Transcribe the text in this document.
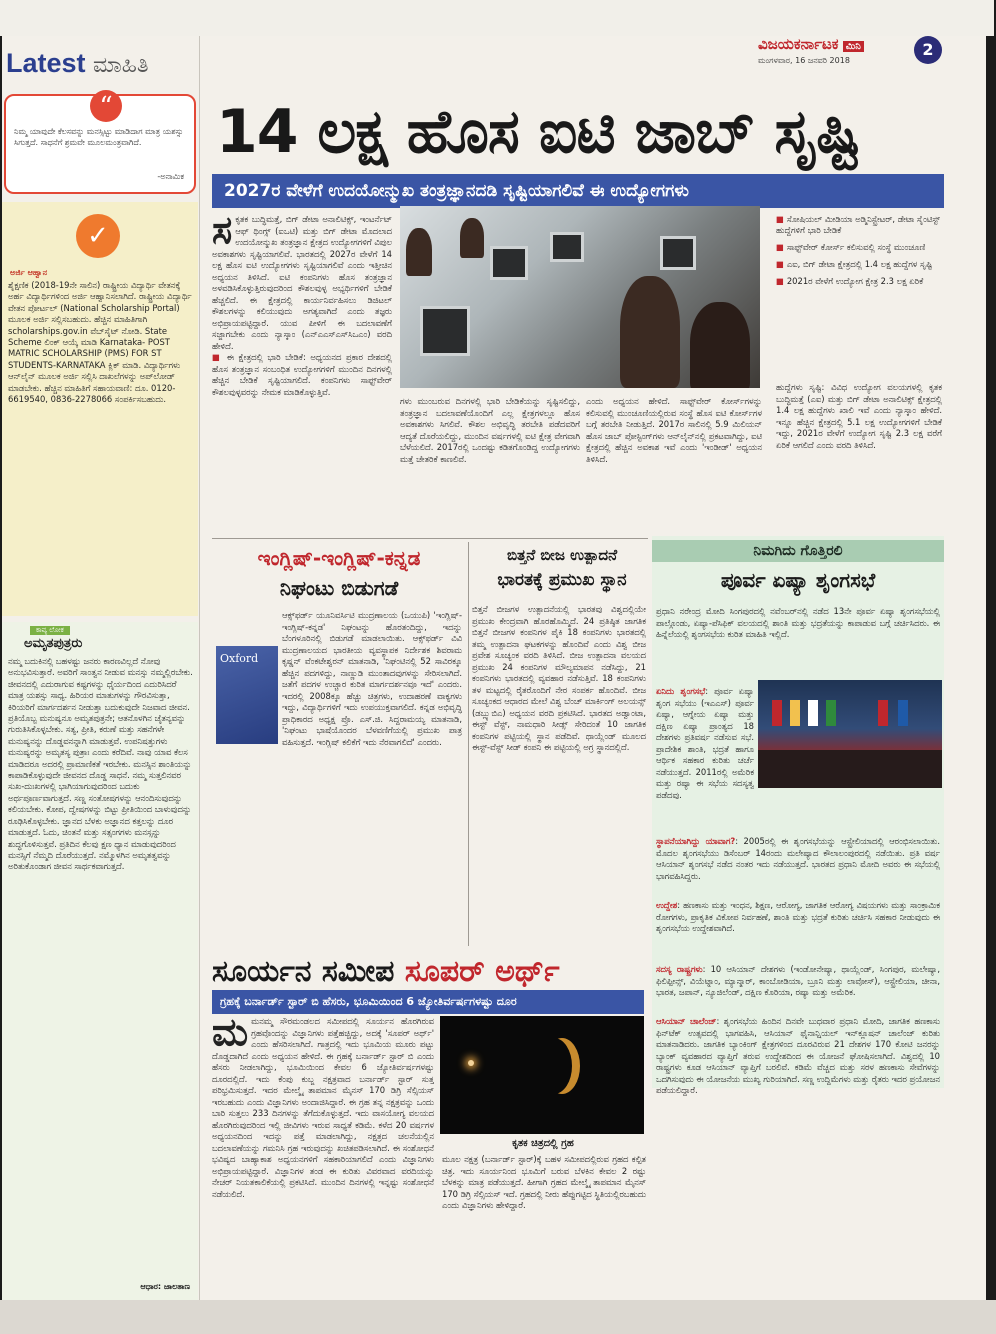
Latest ಮಾಹಿತಿ
“
ನಿಮ್ಮ ಯಾವುದೇ ಕೆಲಸವನ್ನು ಮನಸ್ಸಿಟ್ಟು ಮಾಡಿದಾಗ ಮಾತ್ರ ಯಶಸ್ಸು ಸಿಗುತ್ತದೆ. ಸಾಧನೆಗೆ ಶ್ರಮವೇ ಮೂಲಮಂತ್ರವಾಗಿದೆ.
-ಅನಾಮಿಕ
✓
ಅರ್ಜಿ ಆಹ್ವಾನ
ಶೈಕ್ಷಣಿಕ (2018-19ನೇ ಸಾಲಿನ) ರಾಷ್ಟ್ರೀಯ ವಿದ್ಯಾರ್ಥಿ ವೇತನಕ್ಕೆ ಅರ್ಹ ವಿದ್ಯಾರ್ಥಿಗಳಿಂದ ಅರ್ಜಿ ಆಹ್ವಾನಿಸಲಾಗಿದೆ. ರಾಷ್ಟ್ರೀಯ ವಿದ್ಯಾರ್ಥಿ ವೇತನ ಪೋರ್ಟಲ್ (National Scholarship Portal) ಮೂಲಕ ಅರ್ಜಿ ಸಲ್ಲಿಸಬಹುದು. ಹೆಚ್ಚಿನ ಮಾಹಿತಿಗಾಗಿ scholarships.gov.in ವೆಬ್‌ಸೈಟ್ ನೋಡಿ. State Scheme ಲಿಂಕ್ ಆಯ್ಕೆ ಮಾಡಿ Karnataka- POST MATRIC SCHOLARSHIP (PMS) FOR ST STUDENTS-KARNATAKA ಕ್ಲಿಕ್ ಮಾಡಿ. ವಿದ್ಯಾರ್ಥಿಗಳು ಆನ್‌ಲೈನ್ ಮೂಲಕ ಅರ್ಜಿ ಸಲ್ಲಿಸಿ ದಾಖಲೆಗಳನ್ನು ಅಪ್‌ಲೋಡ್ ಮಾಡಬೇಕು. ಹೆಚ್ಚಿನ ಮಾಹಿತಿಗೆ ಸಹಾಯವಾಣಿ: ದೂ. 0120-6619540, 0836-2278066 ಸಂಪರ್ಕಿಸಬಹುದು.
ಕಾವ್ಯ ಲೋಕ
ಅಮೃತಪುತ್ರರು
ನಮ್ಮ ಬದುಕಿನಲ್ಲಿ ಬಹಳಷ್ಟು ಜನರು ಕಾರಣವಿಲ್ಲದೆ ನೋವು ಅನುಭವಿಸುತ್ತಾರೆ. ಅವರಿಗೆ ಸಾಂತ್ವನ ನೀಡುವ ಮನಸ್ಸು ನಮ್ಮಲ್ಲಿರಬೇಕು. ಜೀವನದಲ್ಲಿ ಎದುರಾಗುವ ಕಷ್ಟಗಳನ್ನು ಧೈರ್ಯದಿಂದ ಎದುರಿಸಿದರೆ ಮಾತ್ರ ಯಶಸ್ಸು ಸಾಧ್ಯ. ಹಿರಿಯರ ಮಾತುಗಳನ್ನು ಗೌರವಿಸುತ್ತಾ, ಕಿರಿಯರಿಗೆ ಮಾರ್ಗದರ್ಶನ ನೀಡುತ್ತಾ ಬದುಕುವುದೇ ನಿಜವಾದ ಜೀವನ. ಪ್ರತಿಯೊಬ್ಬ ಮನುಷ್ಯನೂ ಅಮೃತಪುತ್ರನೇ; ಆತನೊಳಗಿನ ಚೈತನ್ಯವನ್ನು ಗುರುತಿಸಿಕೊಳ್ಳಬೇಕು. ಸತ್ಯ, ಪ್ರೀತಿ, ಕರುಣೆ ಮತ್ತು ಸಹನೆಗಳೇ ಮನುಷ್ಯನನ್ನು ದೊಡ್ಡವನನ್ನಾಗಿ ಮಾಡುತ್ತವೆ. ಉಪನಿಷತ್ತುಗಳು ಮನುಷ್ಯರನ್ನು ಅಮೃತಸ್ಯ ಪುತ್ರಾಃ ಎಂದು ಕರೆದಿವೆ. ನಾವು ಯಾವ ಕೆಲಸ ಮಾಡಿದರೂ ಅದರಲ್ಲಿ ಪ್ರಾಮಾಣಿಕತೆ ಇರಬೇಕು. ಮನಸ್ಸಿನ ಶಾಂತಿಯನ್ನು ಕಾಪಾಡಿಕೊಳ್ಳುವುದೇ ಜೀವನದ ದೊಡ್ಡ ಸಾಧನೆ. ನಮ್ಮ ಸುತ್ತಲಿನವರ ಸುಖ-ದುಃಖಗಳಲ್ಲಿ ಭಾಗಿಯಾಗುವುದರಿಂದ ಬದುಕು ಅರ್ಥಪೂರ್ಣವಾಗುತ್ತದೆ. ಸಣ್ಣ ಸಂತೋಷಗಳನ್ನು ಆನಂದಿಸುವುದನ್ನು ಕಲಿಯಬೇಕು. ಕೋಪ, ದ್ವೇಷಗಳನ್ನು ಬಿಟ್ಟು ಪ್ರೀತಿಯಿಂದ ಬಾಳುವುದನ್ನು ರೂಢಿಸಿಕೊಳ್ಳಬೇಕು. ಜ್ಞಾನದ ಬೆಳಕು ಅಜ್ಞಾನದ ಕತ್ತಲನ್ನು ದೂರ ಮಾಡುತ್ತದೆ. ಓದು, ಚಿಂತನೆ ಮತ್ತು ಸತ್ಸಂಗಗಳು ಮನಸ್ಸನ್ನು ಶುದ್ಧಗೊಳಿಸುತ್ತವೆ. ಪ್ರತಿದಿನ ಕೆಲವು ಕ್ಷಣ ಧ್ಯಾನ ಮಾಡುವುದರಿಂದ ಮನಸ್ಸಿಗೆ ನೆಮ್ಮದಿ ದೊರೆಯುತ್ತದೆ. ನಮ್ಮೊಳಗಿನ ಅಮೃತತ್ವವನ್ನು ಅರಿತುಕೊಂಡಾಗ ಜೀವನ ಸಾರ್ಥಕವಾಗುತ್ತದೆ.
ಆಧಾರ: ಜಾಲತಾಣ
ವಿಜಯಕರ್ನಾಟಕ ಮಿನಿ
ಮಂಗಳವಾರ, 16 ಜನವರಿ 2018
2
14 ಲಕ್ಷ ಹೊಸ ಐಟಿ ಜಾಬ್ ಸೃಷ್ಟಿ
2027ರ ವೇಳೆಗೆ ಉದಯೋನ್ಮುಖ ತಂತ್ರಜ್ಞಾನದಡಿ ಸೃಷ್ಟಿಯಾಗಲಿವೆ ಈ ಉದ್ಯೋಗಗಳು
ಸ ಕೃತಕ ಬುದ್ಧಿಮತ್ತೆ, ಬಿಗ್ ಡೇಟಾ ಅನಾಲಿಟಿಕ್ಸ್, ಇಂಟರ್ನೆಟ್ ಆಫ್ ಥಿಂಗ್ಸ್ (ಐಒಟಿ) ಮತ್ತು ಬಿಗ್ ಡೇಟಾ ಮೊದಲಾದ ಉದಯೋನ್ಮುಖ ತಂತ್ರಜ್ಞಾನ ಕ್ಷೇತ್ರದ ಉದ್ಯೋಗಗಳಿಗೆ ವಿಪುಲ ಅವಕಾಶಗಳು ಸೃಷ್ಟಿಯಾಗಲಿವೆ. ಭಾರತದಲ್ಲಿ 2027ರ ವೇಳೆಗೆ 14 ಲಕ್ಷ ಹೊಸ ಐಟಿ ಉದ್ಯೋಗಗಳು ಸೃಷ್ಟಿಯಾಗಲಿವೆ ಎಂದು ಇತ್ತೀಚಿನ ಅಧ್ಯಯನ ತಿಳಿಸಿದೆ. ಐಟಿ ಕಂಪನಿಗಳು ಹೊಸ ತಂತ್ರಜ್ಞಾನ ಅಳವಡಿಸಿಕೊಳ್ಳುತ್ತಿರುವುದರಿಂದ ಕೌಶಲವುಳ್ಳ ಅಭ್ಯರ್ಥಿಗಳಿಗೆ ಬೇಡಿಕೆ ಹೆಚ್ಚಲಿದೆ. ಈ ಕ್ಷೇತ್ರದಲ್ಲಿ ಕಾರ್ಯನಿರ್ವಹಿಸಲು ಡಿಜಿಟಲ್ ಕೌಶಲಗಳನ್ನು ಕಲಿಯುವುದು ಅಗತ್ಯವಾಗಿದೆ ಎಂದು ತಜ್ಞರು ಅಭಿಪ್ರಾಯಪಟ್ಟಿದ್ದಾರೆ. ಯುವ ಪೀಳಿಗೆ ಈ ಬದಲಾವಣೆಗೆ ಸಜ್ಜಾಗಬೇಕು ಎಂದು ನ್ಯಾಸ್ಕಾಂ (ಎನ್‌ಎಎಸ್‌ಎಸ್‌ಸಿಒಎಂ) ವರದಿ ಹೇಳಿದೆ.
■ ಈ ಕ್ಷೇತ್ರದಲ್ಲಿ ಭಾರಿ ಬೇಡಿಕೆ: ಅಧ್ಯಯನದ ಪ್ರಕಾರ ದೇಶದಲ್ಲಿ ಹೊಸ ತಂತ್ರಜ್ಞಾನ ಸಂಬಂಧಿತ ಉದ್ಯೋಗಗಳಿಗೆ ಮುಂದಿನ ದಿನಗಳಲ್ಲಿ ಹೆಚ್ಚಿನ ಬೇಡಿಕೆ ಸೃಷ್ಟಿಯಾಗಲಿದೆ. ಕಂಪನಿಗಳು ಸಾಫ್ಟ್‌ವೇರ್ ಕೌಶಲವುಳ್ಳವರನ್ನು ನೇಮಕ ಮಾಡಿಕೊಳ್ಳುತ್ತಿವೆ.
ಗಳು ಮುಂಬರುವ ದಿನಗಳಲ್ಲಿ ಭಾರಿ ಬೇಡಿಕೆಯನ್ನು ಸೃಷ್ಟಿಸಲಿದ್ದು, ತಂತ್ರಜ್ಞಾನ ಬದಲಾವಣೆಯೊಂದಿಗೆ ಎಲ್ಲ ಕ್ಷೇತ್ರಗಳಲ್ಲೂ ಹೊಸ ಅವಕಾಶಗಳು ಸಿಗಲಿವೆ. ಕೌಶಲ ಅಭಿವೃದ್ಧಿ ತರಬೇತಿ ಪಡೆದವರಿಗೆ ಆದ್ಯತೆ ದೊರೆಯಲಿದ್ದು, ಮುಂದಿನ ವರ್ಷಗಳಲ್ಲಿ ಐಟಿ ಕ್ಷೇತ್ರ ವೇಗವಾಗಿ ಬೆಳೆಯಲಿದೆ. 2017ರಲ್ಲಿ ಒಂದಷ್ಟು ಕಡಿತಗೊಂಡಿದ್ದ ಉದ್ಯೋಗಗಳು ಮತ್ತೆ ಚೇತರಿಕೆ ಕಾಣಲಿವೆ.
ಎಂದು ಅಧ್ಯಯನ ಹೇಳಿದೆ. ಸಾಫ್ಟ್‌ವೇರ್ ಕೋರ್ಸ್‌ಗಳನ್ನು ಕಲಿಸುವಲ್ಲಿ ಮುಂಚೂಣಿಯಲ್ಲಿರುವ ಸಂಸ್ಥೆ ಹೊಸ ಐಟಿ ಕೋರ್ಸ್‌ಗಳ ಬಗ್ಗೆ ತರಬೇತಿ ನೀಡುತ್ತಿದೆ. 2017ರ ಸಾಲಿನಲ್ಲಿ 5.9 ಮಿಲಿಯನ್ ಹೊಸ ಜಾಬ್ ಪೋಸ್ಟಿಂಗ್‌ಗಳು ಆನ್‌ಲೈನ್‌ನಲ್ಲಿ ಪ್ರಕಟವಾಗಿದ್ದು, ಐಟಿ ಕ್ಷೇತ್ರದಲ್ಲಿ ಹೆಚ್ಚಿನ ಅವಕಾಶ ಇವೆ ಎಂದು 'ಇಂಡೀಡ್' ಅಧ್ಯಯನ ತಿಳಿಸಿದೆ.

■ ಸೋಷಿಯಲ್ ಮೀಡಿಯಾ ಅಡ್ಮಿನಿಸ್ಟ್ರೇಟರ್, ಡೇಟಾ ಸೈಂಟಿಸ್ಟ್ ಹುದ್ದೆಗಳಿಗೆ ಭಾರಿ ಬೇಡಿಕೆ

■ ಸಾಫ್ಟ್‌ವೇರ್ ಕೋರ್ಸ್ ಕಲಿಸುವಲ್ಲಿ ಸಂಸ್ಥೆ ಮುಂಚೂಣಿ

■ ಎಐ, ಬಿಗ್ ಡೇಟಾ ಕ್ಷೇತ್ರದಲ್ಲಿ 1.4 ಲಕ್ಷ ಹುದ್ದೆಗಳ ಸೃಷ್ಟಿ

■ 2021ರ ವೇಳೆಗೆ ಉದ್ಯೋಗ ಕ್ಷೇತ್ರ 2.3 ಲಕ್ಷ ಏರಿಕೆ

ಹುದ್ದೆಗಳು ಸೃಷ್ಟಿ: ವಿವಿಧ ಉದ್ಯೋಗ ವಲಯಗಳಲ್ಲಿ ಕೃತಕ ಬುದ್ಧಿಮತ್ತೆ (ಎಐ) ಮತ್ತು ಬಿಗ್ ಡೇಟಾ ಅನಾಲಿಟಿಕ್ಸ್ ಕ್ಷೇತ್ರದಲ್ಲಿ 1.4 ಲಕ್ಷ ಹುದ್ದೆಗಳು ಖಾಲಿ ಇವೆ ಎಂದು ನ್ಯಾಸ್ಕಾಂ ಹೇಳಿದೆ. ಇನ್ನೂ ಹೆಚ್ಚಿನ ಕ್ಷೇತ್ರದಲ್ಲಿ 5.1 ಲಕ್ಷ ಉದ್ಯೋಗಗಳಿಗೆ ಬೇಡಿಕೆ ಇದ್ದು, 2021ರ ವೇಳೆಗೆ ಉದ್ಯೋಗ ಸೃಷ್ಟಿ 2.3 ಲಕ್ಷ ವರೆಗೆ ಏರಿಕೆ ಆಗಲಿದೆ ಎಂದು ವರದಿ ತಿಳಿಸಿದೆ.
ಇಂಗ್ಲಿಷ್-ಇಂಗ್ಲಿಷ್-ಕನ್ನಡ
ನಿಘಂಟು ಬಿಡುಗಡೆ
Oxford
ಆಕ್ಸ್‌ಫರ್ಡ್ ಯೂನಿವರ್ಸಿಟಿ ಮುದ್ರಣಾಲಯ (ಒಯುಪಿ) 'ಇಂಗ್ಲಿಷ್-ಇಂಗ್ಲಿಷ್-ಕನ್ನಡ' ನಿಘಂಟನ್ನು ಹೊರತಂದಿದ್ದು, ಇದನ್ನು ಬೆಂಗಳೂರಿನಲ್ಲಿ ಬಿಡುಗಡೆ ಮಾಡಲಾಯಿತು. ಆಕ್ಸ್‌ಫರ್ಡ್ ವಿವಿ ಮುದ್ರಣಾಲಯದ ಭಾರತೀಯ ವ್ಯವಸ್ಥಾಪಕ ನಿರ್ದೇಶಕ ಶಿವರಾಮ ಕೃಷ್ಣನ್ ವೆಂಕಟೇಶ್ವರನ್ ಮಾತನಾಡಿ, 'ನಿಘಂಟಿನಲ್ಲಿ 52 ಸಾವಿರಕ್ಕೂ ಹೆಚ್ಚಿನ ಪದಗಳಿದ್ದು, ನಾಣ್ಣುಡಿ ಮುಂತಾದವುಗಳನ್ನು ಸೇರಿಸಲಾಗಿದೆ. ಜತೆಗೆ ಪದಗಳ ಉಚ್ಚಾರ ಕುರಿತ ಮಾರ್ಗದರ್ಶನವೂ ಇದೆ' ಎಂದರು. ಇದರಲ್ಲಿ 2008ಕ್ಕೂ ಹೆಚ್ಚು ಚಿತ್ರಗಳು, ಉದಾಹರಣೆ ವಾಕ್ಯಗಳು ಇದ್ದು, ವಿದ್ಯಾರ್ಥಿಗಳಿಗೆ ಇದು ಉಪಯುಕ್ತವಾಗಲಿದೆ. ಕನ್ನಡ ಅಭಿವೃದ್ಧಿ ಪ್ರಾಧಿಕಾರದ ಅಧ್ಯಕ್ಷ ಪ್ರೊ. ಎಸ್.ಜಿ. ಸಿದ್ದರಾಮಯ್ಯ ಮಾತನಾಡಿ, 'ನಿಘಂಟು ಭಾಷೆಯೊಂದರ ಬೆಳವಣಿಗೆಯಲ್ಲಿ ಪ್ರಮುಖ ಪಾತ್ರ ವಹಿಸುತ್ತದೆ. ಇಂಗ್ಲಿಷ್ ಕಲಿಕೆಗೆ ಇದು ನೆರವಾಗಲಿದೆ' ಎಂದರು.
ಬಿತ್ತನೆ ಬೀಜ ಉತ್ಪಾದನೆ
ಭಾರತಕ್ಕೆ ಪ್ರಮುಖ ಸ್ಥಾನ
ಬಿತ್ತನೆ ಬೀಜಗಳ ಉತ್ಪಾದನೆಯಲ್ಲಿ ಭಾರತವು ವಿಶ್ವದಲ್ಲಿಯೇ ಪ್ರಮುಖ ಕೇಂದ್ರವಾಗಿ ಹೊರಹೊಮ್ಮಿದೆ. 24 ಪ್ರತಿಷ್ಠಿತ ಜಾಗತಿಕ ಬಿತ್ತನೆ ಬೀಜಗಳ ಕಂಪನಿಗಳ ಪೈಕಿ 18 ಕಂಪನಿಗಳು ಭಾರತದಲ್ಲಿ ತಮ್ಮ ಉತ್ಪಾದನಾ ಘಟಕಗಳನ್ನು ಹೊಂದಿವೆ ಎಂದು ವಿಶ್ವ ಬೀಜ ಪ್ರವೇಶ ಸೂಚ್ಯಂಕ ವರದಿ ತಿಳಿಸಿದೆ. ಬೀಜ ಉತ್ಪಾದನಾ ವಲಯದ ಪ್ರಮುಖ 24 ಕಂಪನಿಗಳ ಮೌಲ್ಯಮಾಪನ ನಡೆಸಿದ್ದು, 21 ಕಂಪನಿಗಳು ಭಾರತದಲ್ಲಿ ವ್ಯವಹಾರ ನಡೆಸುತ್ತಿವೆ. 18 ಕಂಪನಿಗಳು ತಳ ಮಟ್ಟದಲ್ಲಿ ರೈತರೊಂದಿಗೆ ನೇರ ಸಂಪರ್ಕ ಹೊಂದಿವೆ. ಬೀಜ ಸೂಚ್ಯಂಕದ ಆಧಾರದ ಮೇಲೆ ವಿಶ್ವ ಬೆಂಚ್ ಮಾರ್ಕಿಂಗ್ ಅಲಯನ್ಸ್ (ಡಬ್ಲ್ಯುಬಿಎ) ಅಧ್ಯಯನ ವರದಿ ಪ್ರಕಟಿಸಿದೆ. ಭಾರತದ ಅಡ್ವಾಂಟಾ, ಈಸ್ಟ್ ವೆಸ್ಟ್, ನಾಮಧಾರಿ ಸೀಡ್ಸ್ ಸೇರಿದಂತೆ 10 ಜಾಗತಿಕ ಕಂಪನಿಗಳ ಪಟ್ಟಿಯಲ್ಲಿ ಸ್ಥಾನ ಪಡೆದಿವೆ. ಥಾಯ್ಲೆಂಡ್ ಮೂಲದ ಈಸ್ಟ್-ವೆಸ್ಟ್ ಸೀಡ್ ಕಂಪನಿ ಈ ಪಟ್ಟಿಯಲ್ಲಿ ಅಗ್ರ ಸ್ಥಾನದಲ್ಲಿದೆ.
ನಿಮಗಿದು ಗೊತ್ತಿರಲಿ
ಪೂರ್ವ ಏಷ್ಯಾ ಶೃಂಗಸಭೆ
ಪ್ರಧಾನಿ ನರೇಂದ್ರ ಮೋದಿ ಸಿಂಗಪುರದಲ್ಲಿ ನವೆಂಬರ್‌ನಲ್ಲಿ ನಡೆದ 13ನೇ ಪೂರ್ವ ಏಷ್ಯಾ ಶೃಂಗಸಭೆಯಲ್ಲಿ ಪಾಲ್ಗೊಂಡು, ಏಷ್ಯಾ-ಪೆಸಿಫಿಕ್ ವಲಯದಲ್ಲಿ ಶಾಂತಿ ಮತ್ತು ಭದ್ರತೆಯನ್ನು ಕಾಪಾಡುವ ಬಗ್ಗೆ ಚರ್ಚಿಸಿದರು. ಈ ಹಿನ್ನೆಲೆಯಲ್ಲಿ ಶೃಂಗಸಭೆಯ ಕುರಿತ ಮಾಹಿತಿ ಇಲ್ಲಿದೆ.
ಏನಿದು ಶೃಂಗಸಭೆ: ಪೂರ್ವ ಏಷ್ಯಾ ಶೃಂಗ ಸಭೆಯು (ಇಎಎಸ್) ಪೂರ್ವ ಏಷ್ಯಾ, ಆಗ್ನೇಯ ಏಷ್ಯಾ ಮತ್ತು ದಕ್ಷಿಣ ಏಷ್ಯಾ ಪ್ರಾಂತ್ಯದ 18 ದೇಶಗಳು ಪ್ರತಿವರ್ಷ ನಡೆಸುವ ಸಭೆ. ಪ್ರಾದೇಶಿಕ ಶಾಂತಿ, ಭದ್ರತೆ ಹಾಗೂ ಆರ್ಥಿಕ ಸಹಕಾರ ಕುರಿತು ಚರ್ಚೆ ನಡೆಯುತ್ತದೆ. 2011ರಲ್ಲಿ ಅಮೆರಿಕ ಮತ್ತು ರಷ್ಯಾ ಈ ಸಭೆಯ ಸದಸ್ಯತ್ವ ಪಡೆದವು.
ಸ್ಥಾಪನೆಯಾಗಿದ್ದು ಯಾವಾಗ?: 2005ರಲ್ಲಿ ಈ ಶೃಂಗಸಭೆಯನ್ನು ಆಸ್ಟ್ರೇಲಿಯಾದಲ್ಲಿ ಆರಂಭಿಸಲಾಯಿತು. ಮೊದಲ ಶೃಂಗಸಭೆಯು ಡಿಸೆಂಬರ್ 14ರಂದು ಮಲೇಷ್ಯಾದ ಕೌಲಾಲಂಪುರದಲ್ಲಿ ನಡೆಯಿತು. ಪ್ರತಿ ವರ್ಷ ಆಸಿಯಾನ್ ಶೃಂಗಸಭೆ ನಡೆದ ನಂತರ ಇದು ನಡೆಯುತ್ತದೆ. ಭಾರತದ ಪ್ರಧಾನಿ ಮೋದಿ ಅವರು ಈ ಸಭೆಯಲ್ಲಿ ಭಾಗವಹಿಸಿದ್ದರು.
ಉದ್ದೇಶ: ಹಣಕಾಸು ಮತ್ತು ಇಂಧನ, ಶಿಕ್ಷಣ, ಆರೋಗ್ಯ, ಜಾಗತಿಕ ಆರೋಗ್ಯ ವಿಷಯಗಳು ಮತ್ತು ಸಾಂಕ್ರಾಮಿಕ ರೋಗಗಳು, ಪ್ರಾಕೃತಿಕ ವಿಕೋಪ ನಿರ್ವಹಣೆ, ಶಾಂತಿ ಮತ್ತು ಭದ್ರತೆ ಕುರಿತು ಚರ್ಚಿಸಿ ಸಹಕಾರ ನೀಡುವುದು ಈ ಶೃಂಗಸಭೆಯ ಉದ್ದೇಶವಾಗಿದೆ.
ಸದಸ್ಯ ರಾಷ್ಟ್ರಗಳು: 10 ಆಸಿಯಾನ್ ದೇಶಗಳು (ಇಂಡೋನೇಷ್ಯಾ, ಥಾಯ್ಲೆಂಡ್, ಸಿಂಗಪುರ, ಮಲೇಷ್ಯಾ, ಫಿಲಿಪ್ಪೀನ್ಸ್, ವಿಯೆಟ್ನಾಂ, ಮ್ಯಾನ್ಮಾರ್, ಕಾಂಬೋಡಿಯಾ, ಬ್ರೂನಿ ಮತ್ತು ಲಾವೋಸ್), ಆಸ್ಟ್ರೇಲಿಯಾ, ಚೀನಾ, ಭಾರತ, ಜಪಾನ್, ನ್ಯೂಜಿಲೆಂಡ್, ದಕ್ಷಿಣ ಕೊರಿಯಾ, ರಷ್ಯಾ ಮತ್ತು ಅಮೆರಿಕ.
ಆಸಿಯಾನ್ ಚಾಲೆಂಜ್: ಶೃಂಗಸಭೆಯ ಹಿಂದಿನ ದಿನವೇ ಬುಧವಾರ ಪ್ರಧಾನಿ ಮೋದಿ, ಜಾಗತಿಕ ಹಣಕಾಸು ಫಿನ್‌ಟೆಕ್ ಉತ್ಸವದಲ್ಲಿ ಭಾಗವಹಿಸಿ, ಆಸಿಯಾನ್ ಫೈನಾನ್ಷಿಯಲ್ ಇನ್‌ಕ್ಲೂಷನ್ ಚಾಲೆಂಜ್ ಕುರಿತು ಮಾತನಾಡಿದರು. ಜಾಗತಿಕ ಬ್ಯಾಂಕಿಂಗ್ ಕ್ಷೇತ್ರಗಳಿಂದ ದೂರವಿರುವ 21 ದೇಶಗಳ 170 ಕೋಟಿ ಜನರನ್ನು ಬ್ಯಾಂಕ್ ವ್ಯವಹಾರದ ವ್ಯಾಪ್ತಿಗೆ ತರುವ ಉದ್ದೇಶದಿಂದ ಈ ಯೋಜನೆ ಘೋಷಿಸಲಾಗಿದೆ. ವಿಶ್ವದಲ್ಲಿ 10 ರಾಷ್ಟ್ರಗಳು ಕೂಡ ಆಸಿಯಾನ್ ವ್ಯಾಪ್ತಿಗೆ ಬರಲಿವೆ. ಕಡಿಮೆ ವೆಚ್ಚದ ಮತ್ತು ಸರಳ ಹಣಕಾಸು ಸೇವೆಗಳನ್ನು ಒದಗಿಸುವುದು ಈ ಯೋಜನೆಯ ಮುಖ್ಯ ಗುರಿಯಾಗಿದೆ. ಸಣ್ಣ ಉದ್ದಿಮೆಗಳು ಮತ್ತು ರೈತರು ಇದರ ಪ್ರಯೋಜನ ಪಡೆಯಲಿದ್ದಾರೆ.
ಸೂರ್ಯನ ಸಮೀಪ ಸೂಪರ್ ಅರ್ಥ್
ಗ್ರಹಕ್ಕೆ ಬರ್ನಾರ್ಡ್ ಸ್ಟಾರ್ ಬಿ ಹೆಸರು, ಭೂಮಿಯಿಂದ 6 ಜ್ಯೋತಿರ್ವರ್ಷಗಳಷ್ಟು ದೂರ
ಮ ಮನಮ್ಮ ಸೌರಮಂಡಲದ ಸಮೀಪದಲ್ಲಿ ಸೂರ್ಯನ ಹೊರಗಿರುವ ಗ್ರಹವೊಂದನ್ನು ವಿಜ್ಞಾನಿಗಳು ಪತ್ತೆಹಚ್ಚಿದ್ದು, ಅದಕ್ಕೆ 'ಸೂಪರ್ ಅರ್ಥ್' ಎಂದು ಹೆಸರಿಸಲಾಗಿದೆ. ಗಾತ್ರದಲ್ಲಿ ಇದು ಭೂಮಿಯ ಮೂರು ಪಟ್ಟು ದೊಡ್ಡದಾಗಿದೆ ಎಂದು ಅಧ್ಯಯನ ಹೇಳಿದೆ. ಈ ಗ್ರಹಕ್ಕೆ ಬರ್ನಾರ್ಡ್ ಸ್ಟಾರ್ ಬಿ ಎಂದು ಹೆಸರು ನೀಡಲಾಗಿದ್ದು, ಭೂಮಿಯಿಂದ ಕೇವಲ 6 ಜ್ಯೋತಿರ್ವರ್ಷಗಳಷ್ಟು ದೂರದಲ್ಲಿದೆ. ಇದು ಕೆಂಪು ಕುಬ್ಜ ನಕ್ಷತ್ರವಾದ ಬರ್ನಾರ್ಡ್ ಸ್ಟಾರ್ ಸುತ್ತ ಪರಿಭ್ರಮಿಸುತ್ತದೆ. ಇದರ ಮೇಲ್ಮೈ ತಾಪಮಾನ ಮೈನಸ್ 170 ಡಿಗ್ರಿ ಸೆಲ್ಸಿಯಸ್ ಇರಬಹುದು ಎಂದು ವಿಜ್ಞಾನಿಗಳು ಅಂದಾಜಿಸಿದ್ದಾರೆ. ಈ ಗ್ರಹ ತನ್ನ ನಕ್ಷತ್ರವನ್ನು ಒಂದು ಬಾರಿ ಸುತ್ತಲು 233 ದಿನಗಳನ್ನು ತೆಗೆದುಕೊಳ್ಳುತ್ತದೆ. ಇದು ವಾಸಯೋಗ್ಯ ವಲಯದ ಹೊರಗಿರುವುದರಿಂದ ಇಲ್ಲಿ ಜೀವಿಗಳು ಇರುವ ಸಾಧ್ಯತೆ ಕಡಿಮೆ. ಕಳೆದ 20 ವರ್ಷಗಳ ಅಧ್ಯಯನದಿಂದ ಇದನ್ನು ಪತ್ತೆ ಮಾಡಲಾಗಿದ್ದು, ನಕ್ಷತ್ರದ ಚಲನೆಯಲ್ಲಿನ ಬದಲಾವಣೆಯನ್ನು ಗಮನಿಸಿ ಗ್ರಹ ಇರುವುದನ್ನು ಖಚಿತಪಡಿಸಲಾಗಿದೆ. ಈ ಸಂಶೋಧನೆ ಭವಿಷ್ಯದ ಬಾಹ್ಯಾಕಾಶ ಅಧ್ಯಯನಗಳಿಗೆ ಸಹಕಾರಿಯಾಗಲಿದೆ ಎಂದು ವಿಜ್ಞಾನಿಗಳು ಅಭಿಪ್ರಾಯಪಟ್ಟಿದ್ದಾರೆ. ವಿಜ್ಞಾನಿಗಳ ತಂಡ ಈ ಕುರಿತು ವಿವರವಾದ ವರದಿಯನ್ನು ನೇಚರ್ ನಿಯತಕಾಲಿಕೆಯಲ್ಲಿ ಪ್ರಕಟಿಸಿದೆ. ಮುಂದಿನ ದಿನಗಳಲ್ಲಿ ಇನ್ನಷ್ಟು ಸಂಶೋಧನೆ ನಡೆಯಲಿದೆ.
ಕೃತಕ ಚಿತ್ರದಲ್ಲಿ ಗ್ರಹ
ಮೂಲ ನಕ್ಷತ್ರ (ಬರ್ನಾರ್ಡ್ ಸ್ಟಾರ್)ಕ್ಕೆ ಬಹಳ ಸಮೀಪದಲ್ಲಿರುವ ಗ್ರಹದ ಕಲ್ಪಿತ ಚಿತ್ರ. ಇದು ಸೂರ್ಯನಿಂದ ಭೂಮಿಗೆ ಬರುವ ಬೆಳಕಿನ ಕೇವಲ 2 ರಷ್ಟು ಬೆಳಕನ್ನು ಮಾತ್ರ ಪಡೆಯುತ್ತದೆ. ಹೀಗಾಗಿ ಗ್ರಹದ ಮೇಲ್ಮೈ ತಾಪಮಾನ ಮೈನಸ್ 170 ಡಿಗ್ರಿ ಸೆಲ್ಸಿಯಸ್ ಇದೆ. ಗ್ರಹದಲ್ಲಿ ನೀರು ಹೆಪ್ಪುಗಟ್ಟಿದ ಸ್ಥಿತಿಯಲ್ಲಿರಬಹುದು ಎಂದು ವಿಜ್ಞಾನಿಗಳು ಹೇಳಿದ್ದಾರೆ.
